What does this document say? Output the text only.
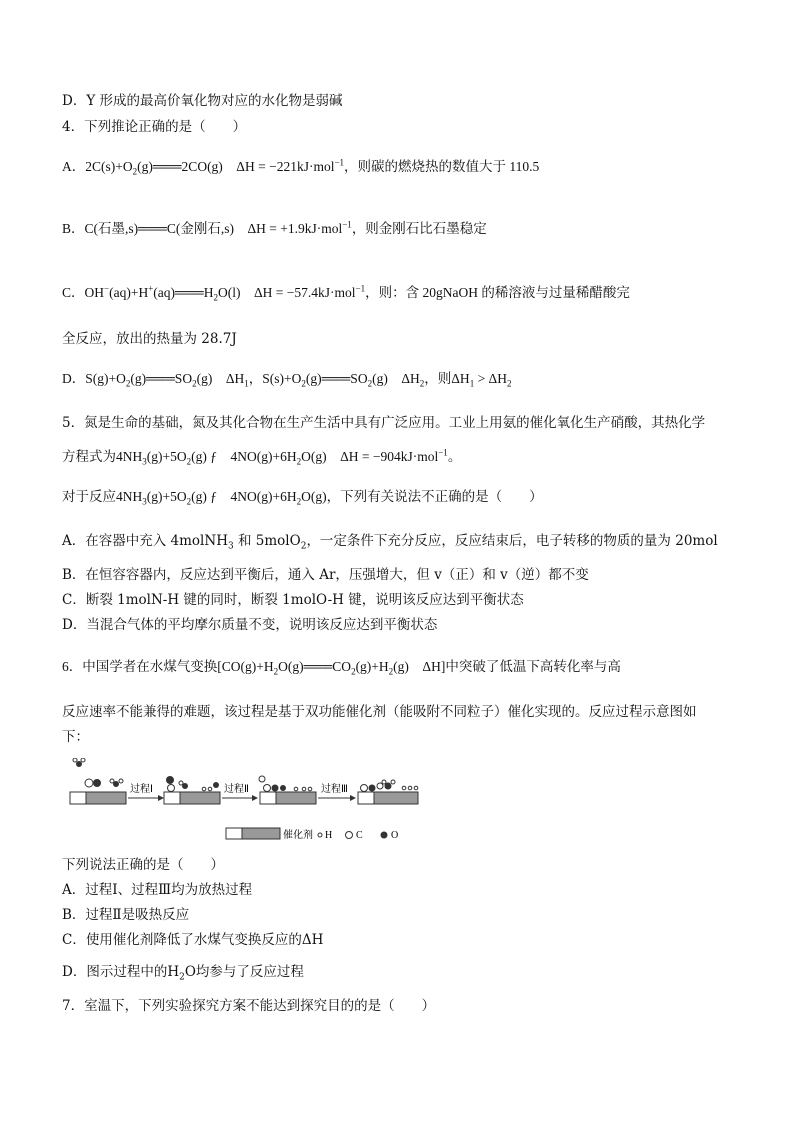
D．Y 形成的最高价氧化物对应的水化物是弱碱
4．下列推论正确的是（　　）
A．$2C(s)+O_2(g)═══2CO(g)$　ΔH = −221kJ·mol$^{-1}$，则碳的燃烧热的数值大于 110.5
B．C(石墨,s)═══C(金刚石,s)　ΔH = +1.9kJ·mol$^{-1}$，则金刚石比石墨稳定
C．$OH^-(aq)+H^+(aq)═══H_2O(l)$　ΔH = −57.4kJ·mol$^{-1}$，则：含 20gNaOH 的稀溶液与过量稀醋酸完
全反应，放出的热量为 28.7J
D．$S(g)+O_2(g)═══SO_2(g)$　$\Delta H_1$，$S(s)+O_2(g)═══SO_2(g)$　$\Delta H_2$，则$\Delta H_1 > \Delta H_2$
5．氮是生命的基础，氮及其化合物在生产生活中具有广泛应用。工业上用氨的催化氧化生产硝酸，其热化学
方程式为$4NH_3(g)+5O_2(g)$ ƒ　$4NO(g)+6H_2O(g)$　ΔH = −904kJ·mol$^{-1}$。
对于反应$4NH_3(g)+5O_2(g)$ ƒ　$4NO(g)+6H_2O(g)$，下列有关说法不正确的是（　　）
A．在容器中充入 4molNH$_3$ 和 5molO$_2$，一定条件下充分反应，反应结束后，电子转移的物质的量为 20mol
B．在恒容容器内，反应达到平衡后，通入 Ar，压强增大，但 v（正）和 v（逆）都不变
C．断裂 1molN-H 键的同时，断裂 1molO-H 键，说明该反应达到平衡状态
D．当混合气体的平均摩尔质量不变，说明该反应达到平衡状态
6．中国学者在水煤气变换[$CO(g)+H_2O(g)═══CO_2(g)+H_2(g)$　ΔH]中突破了低温下高转化率与高
反应速率不能兼得的难题，该过程是基于双功能催化剂（能吸附不同粒子）催化实现的。反应过程示意图如
下：
过程Ⅰ	过程Ⅱ	过程Ⅲ
催化剂 H C	O
下列说法正确的是（　　）
A．过程Ⅰ、过程Ⅲ均为放热过程
B．过程Ⅱ是吸热反应
C．使用催化剂降低了水煤气变换反应的ΔH
D．图示过程中的$H_2O$均参与了反应过程
7．室温下，下列实验探究方案不能达到探究目的的是（　　）
